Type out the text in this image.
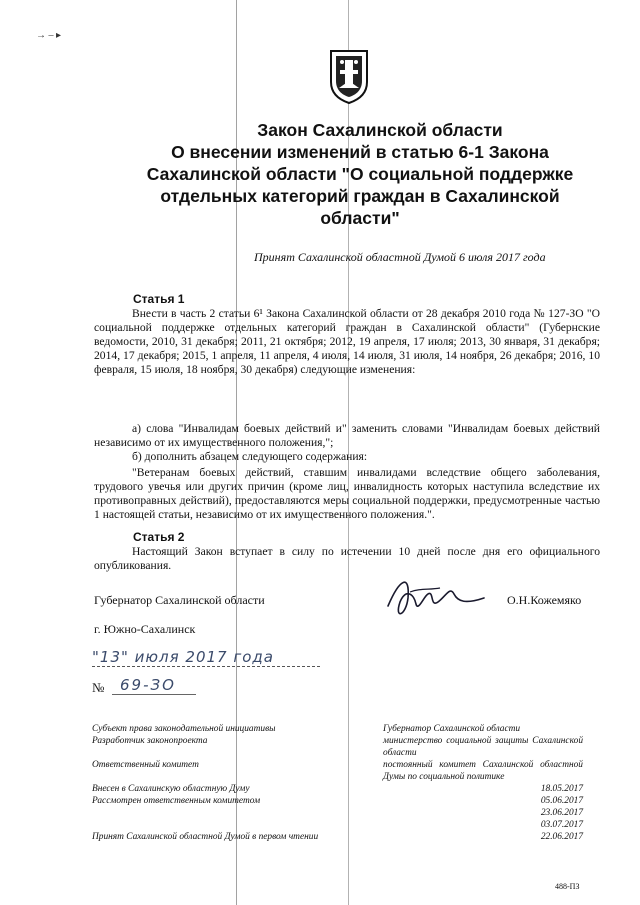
→ ‒ ▸
Закон Сахалинской области
О внесении изменений в статью 6-1 Закона
Сахалинской области "О социальной поддержке
отдельных категорий граждан в Сахалинской
области"
Принят Сахалинской областной Думой 6 июля 2017 года
Статья 1
Внести в часть 2 статьи 6¹ Закона Сахалинской области от 28 декабря 2010 года № 127-ЗО "О социальной поддержке отдельных категорий граждан в Сахалинской области" (Губернские ведомости, 2010, 31 декабря; 2011, 21 октября; 2012, 19 апреля, 17 июля; 2013, 30 января, 31 декабря; 2014, 17 декабря; 2015, 1 апреля, 11 апреля, 4 июля, 14 июля, 31 июля, 14 ноября, 26 декабря; 2016, 10 февраля, 15 июля, 18 ноября, 30 декабря) следующие изменения:
а) слова "Инвалидам боевых действий и" заменить словами "Инвалидам боевых действий независимо от их имущественного положения,";
б) дополнить абзацем следующего содержания:
"Ветеранам боевых действий, ставшим инвалидами вследствие общего заболевания, трудового увечья или других причин (кроме лиц, инвалидность которых наступила вследствие их противоправных действий), предоставляются меры социальной поддержки, предусмотренные частью 1 настоящей статьи, независимо от их имущественного положения.".
Статья 2
Настоящий Закон вступает в силу по истечении 10 дней после дня его официального опубликования.
Губернатор Сахалинской области	О.Н.Кожемяко
г. Южно-Сахалинск
"13" июля 2017 года
№ 69-ЗО
Субъект права законодательной инициативы
Разработчик законопроекта
Ответственный комитет
Внесен в Сахалинскую областную Думу
Рассмотрен ответственным комитетом
Принят Сахалинской областной Думой в первом чтении
Губернатор Сахалинской области
министерство социальной защиты Сахалинской области
постоянный комитет Сахалинской областной Думы по социальной политике
18.05.2017
05.06.2017
23.06.2017
03.07.2017
22.06.2017
488-ПЗ
